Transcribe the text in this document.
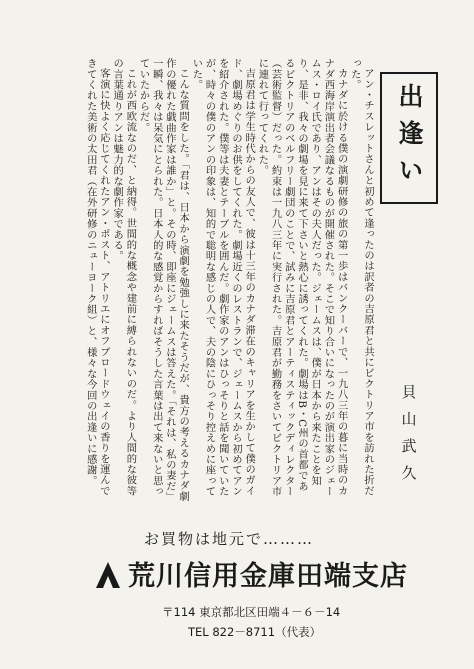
出逢い

アン・チスレットさんと初めて逢ったのは訳者の吉原君と共にビクトリア市を訪れた折だった。

カナダに於ける僕の演劇研修の旅の第一歩はバンクーバーで、一九八三年の暮に当時のカナダ西海岸演出者会議なるものが開催された。そこで知り合いになったのが演出家のジェームス・ロイ氏であり、アンはその夫人だった。ジェームスは、僕が日本から来たことを知り、是非、我々の劇場を見に来て下さいと熱心に誘ってくれた。劇場はB・C州の首都であるビクトリアのベルフリー劇団のことで、試みに吉原君とアーティスティックディレクター（芸術監督）だった。約束は一九八三年に実行された。吉原君が勤務をさいてビクトリア市に連れて行ってくれた。

吉原君は学生時代からの友人で、彼は十三年のカナダ滞在のキャリアを生かして僕のガイド、劇場めぐりのお供をしてくれた。劇場近くのレストランで、ジェームスから初めてアンを紹介された。僕等は夫妻とテーブルを囲んだ。劇作家のアンはひっそりと話を聞いていたが、時々の僕のアンの印象は、知的で聡明な感じの人で、夫の陰にひっそり控えめに座っていた。

こんな質問をした。「君は、日本から演劇を勉強しに来たそうだが、貴方の考えるカナダ劇作の優れた戯曲作家は誰か」と。その時、即座にジェームスは答えた。「それは、私の妻だ」一瞬、我々は呆気にとられた。日本人的な感覚からすればそうした言葉は出て来ないと思っていたからだ。

これが西欧流なのだ、と納得。世間的な概念や建前に縛られないのだ。より人間的な彼等の言葉通りアンは魅力的な劇作家である。

客演に快よく応じてくれたアン・ポスト、アトリエにオフブロードウェイの香りを運んできてくれた美術の太田君（在外研修のニューヨーク組）と、様々な今回の出逢いに感謝。	貝山武久
お買物は地元で………
荒川信用金庫田端支店
〒114 東京都北区田端４－６－14
TEL 822－8711（代表）
